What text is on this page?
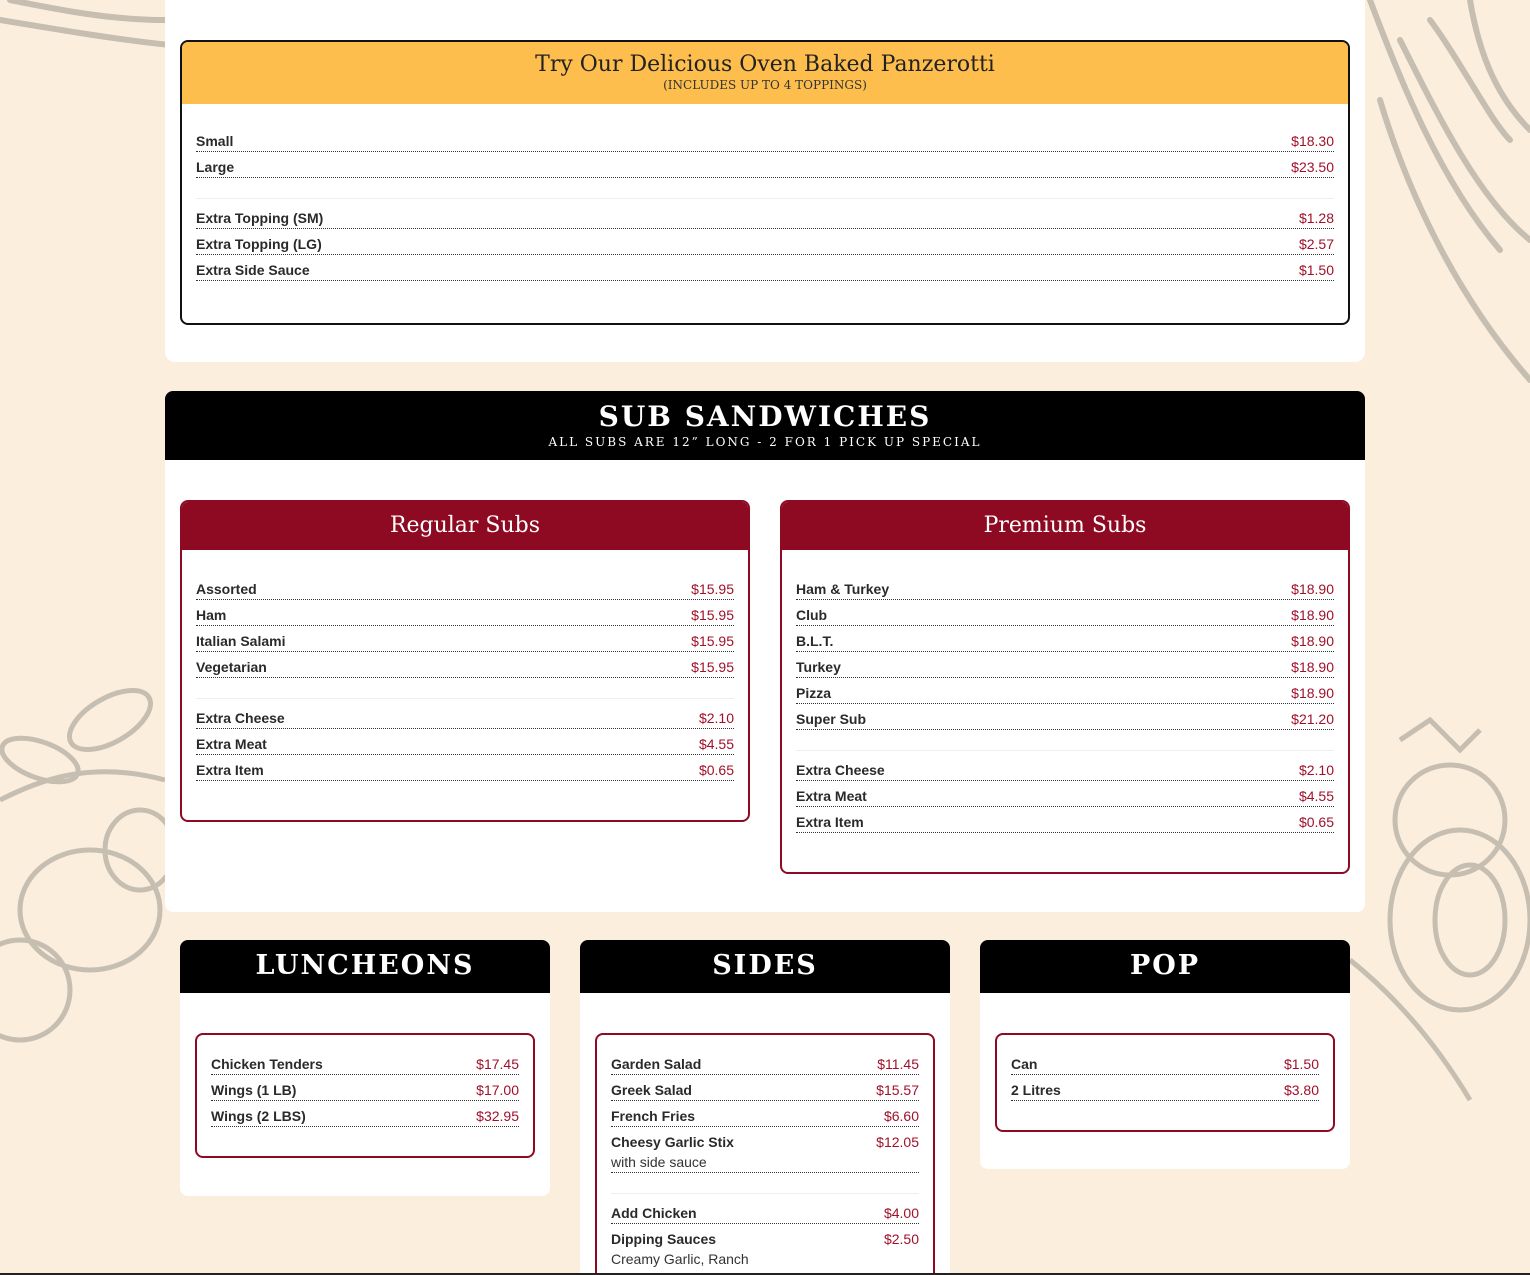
Try Our Delicious Oven Baked Panzerotti
(INCLUDES UP TO 4 TOPPINGS)
Small	$18.30
Large	$23.50
Extra Topping (SM)	$1.28
Extra Topping (LG)	$2.57
Extra Side Sauce	$1.50
SUB SANDWICHES
ALL SUBS ARE 12” LONG - 2 FOR 1 PICK UP SPECIAL
Regular Subs
Assorted	$15.95
Ham	$15.95
Italian Salami	$15.95
Vegetarian	$15.95
Extra Cheese	$2.10
Extra Meat	$4.55
Extra Item	$0.65
Premium Subs
Ham & Turkey	$18.90
Club	$18.90
B.L.T.	$18.90
Turkey	$18.90
Pizza	$18.90
Super Sub	$21.20
Extra Cheese	$2.10
Extra Meat	$4.55
Extra Item	$0.65
LUNCHEONS
Chicken Tenders	$17.45
Wings (1 LB)	$17.00
Wings (2 LBS)	$32.95
SIDES
Garden Salad	$11.45
Greek Salad	$15.57
French Fries	$6.60
Cheesy Garlic Stix	$12.05
with side sauce
Add Chicken	$4.00
Dipping Sauces	$2.50
Creamy Garlic, Ranch
POP
Can	$1.50
2 Litres	$3.80
